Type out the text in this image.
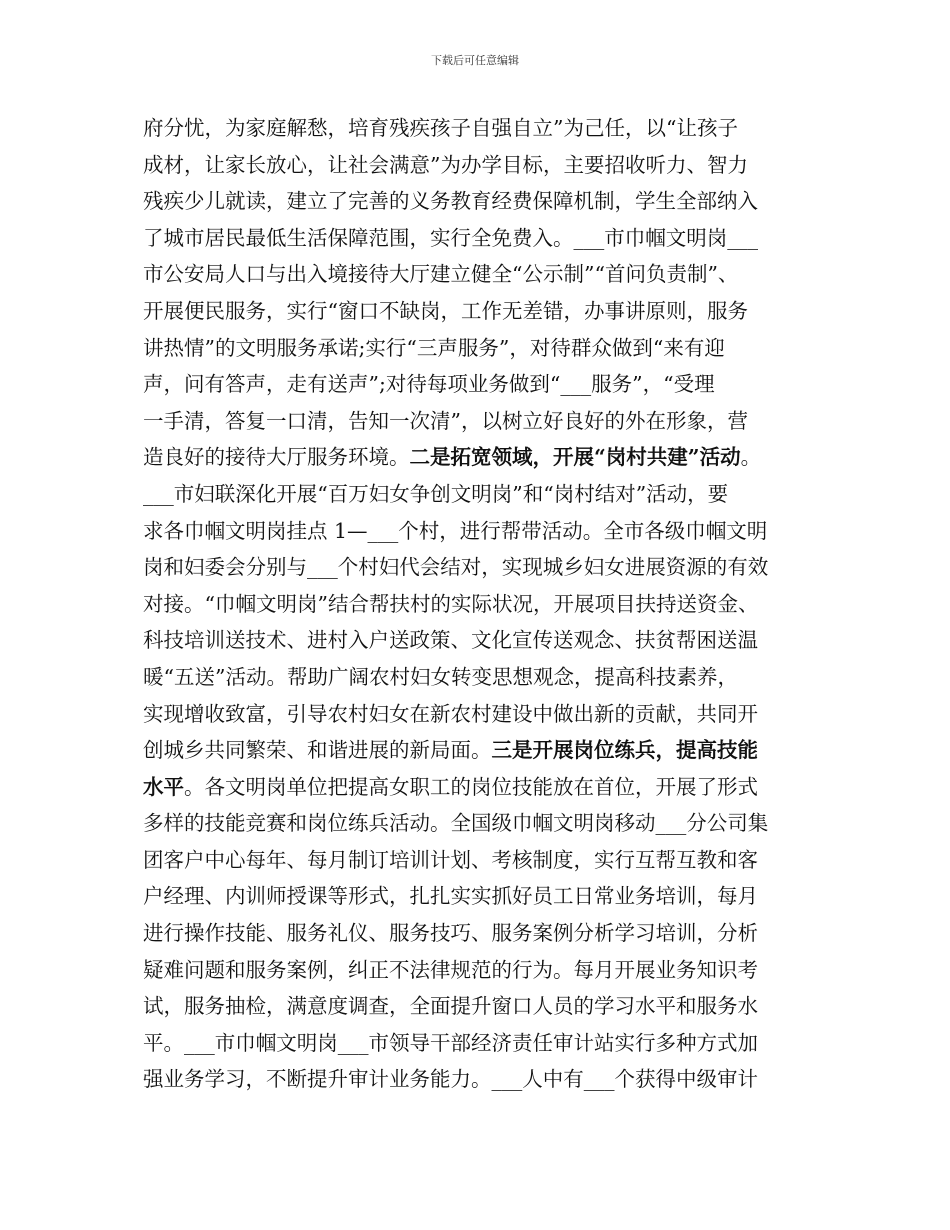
下载后可任意编辑
府分忧，为家庭解愁，培育残疾孩子自强自立”为己任，以“让孩子
成材，让家长放心，让社会满意”为办学目标，主要招收听力、智力
残疾少儿就读，建立了完善的义务教育经费保障机制，学生全部纳入
了城市居民最低生活保障范围，实行全免费入。___市巾帼文明岗___
市公安局人口与出入境接待大厅建立健全“公示制”“首问负责制”、
开展便民服务，实行“窗口不缺岗，工作无差错，办事讲原则，服务
讲热情”的文明服务承诺;实行“三声服务”，对待群众做到“来有迎
声，问有答声，走有送声”;对待每项业务做到“___服务”，“受理
一手清，答复一口清，告知一次清”，以树立好良好的外在形象，营
造良好的接待大厅服务环境。二是拓宽领域，开展“岗村共建”活动。
___市妇联深化开展“百万妇女争创文明岗”和“岗村结对”活动，要
求各巾帼文明岗挂点 1—___个村，进行帮带活动。全市各级巾帼文明
岗和妇委会分别与___个村妇代会结对，实现城乡妇女进展资源的有效
对接。“巾帼文明岗”结合帮扶村的实际状况，开展项目扶持送资金、
科技培训送技术、进村入户送政策、文化宣传送观念、扶贫帮困送温
暖“五送”活动。帮助广阔农村妇女转变思想观念，提高科技素养，
实现增收致富，引导农村妇女在新农村建设中做出新的贡献，共同开
创城乡共同繁荣、和谐进展的新局面。三是开展岗位练兵，提高技能
水平。各文明岗单位把提高女职工的岗位技能放在首位，开展了形式
多样的技能竞赛和岗位练兵活动。全国级巾帼文明岗移动___分公司集
团客户中心每年、每月制订培训计划、考核制度，实行互帮互教和客
户经理、内训师授课等形式，扎扎实实抓好员工日常业务培训，每月
进行操作技能、服务礼仪、服务技巧、服务案例分析学习培训，分析
疑难问题和服务案例，纠正不法律规范的行为。每月开展业务知识考
试，服务抽检，满意度调查，全面提升窗口人员的学习水平和服务水
平。___市巾帼文明岗___市领导干部经济责任审计站实行多种方式加
强业务学习，不断提升审计业务能力。___人中有___个获得中级审计
